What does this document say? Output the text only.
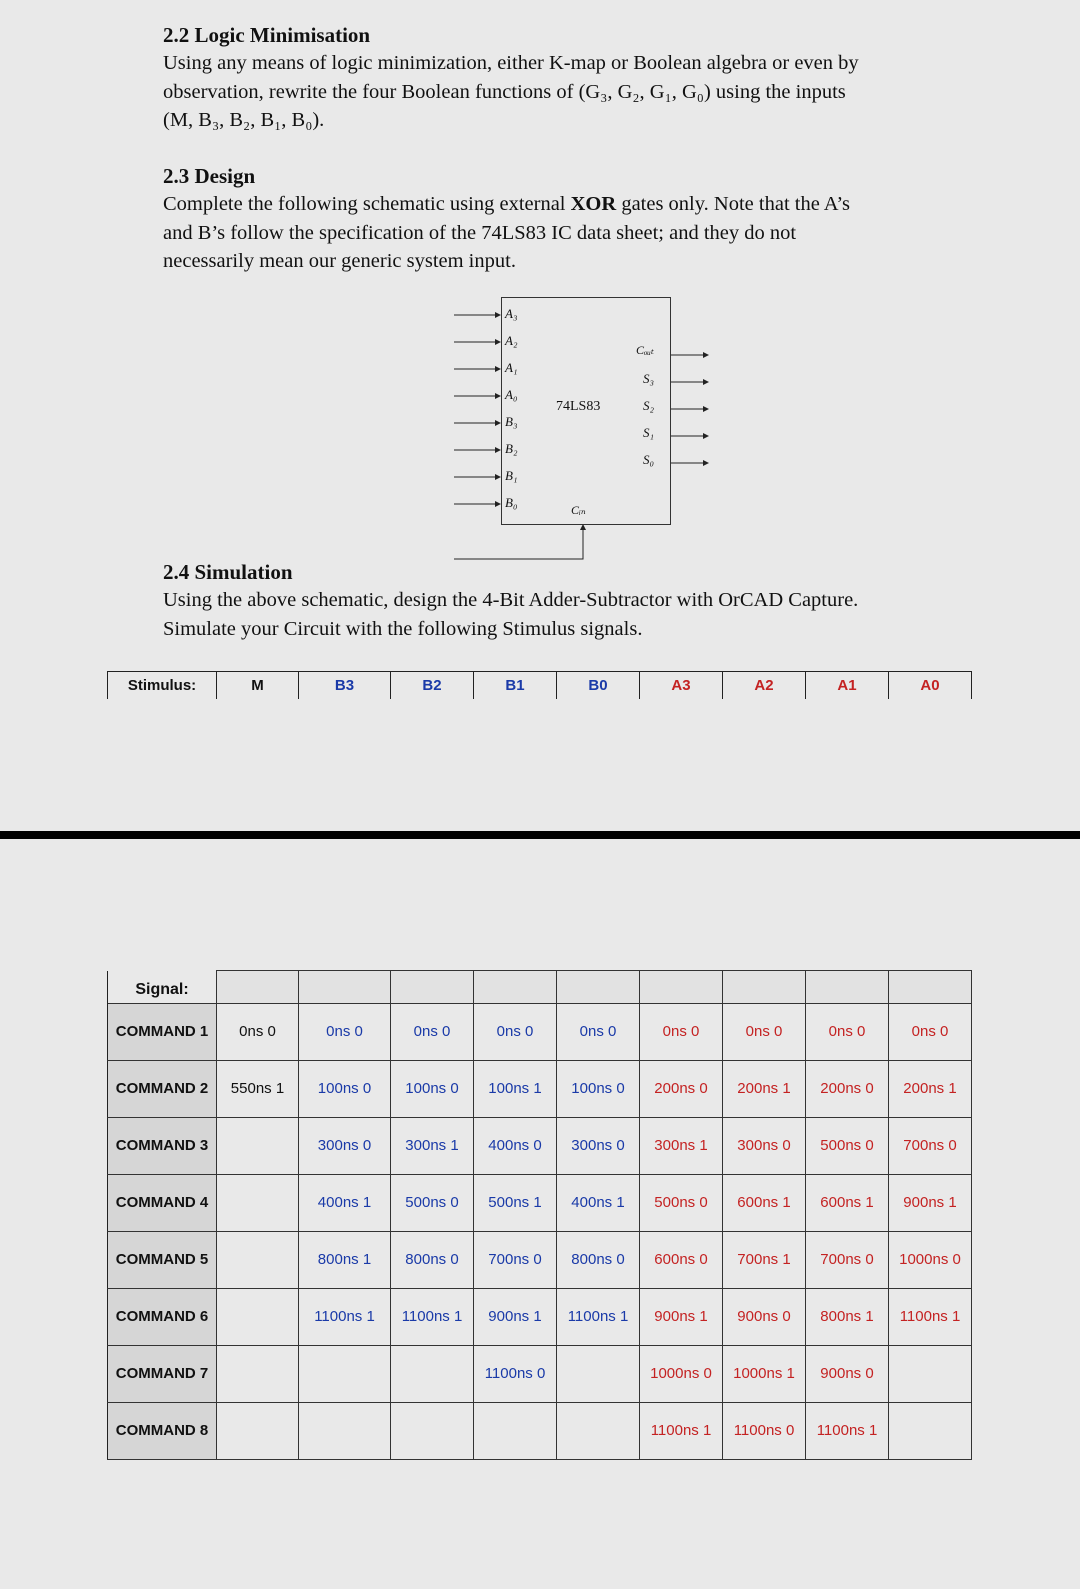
2.2 Logic Minimisation
Using any means of logic minimization, either K-map or Boolean algebra or even by
observation, rewrite the four Boolean functions of (G₃, G₂, G₁, G₀) using the inputs
(M, B₃, B₂, B₁, B₀).
2.3 Design
Complete the following schematic using external XOR gates only. Note that the A’s
and B’s follow the specification of the 74LS83 IC data sheet; and they do not
necessarily mean our generic system input.
74LS83
A₃
A₂
A₁
A₀
B₃
B₂
B₁
B₀
Cₒᵤₜ
S₃
S₂
S₁
S₀
Cᵢₙ
2.4 Simulation
Using the above schematic, design the 4-Bit Adder-Subtractor with OrCAD Capture.
Simulate your Circuit with the following Stimulus signals.
Stimulus:	M	B3	B2	B1	B0	A3	A2	A1	A0
Signal:									
COMMAND 1	0ns 0	0ns 0	0ns 0	0ns 0	0ns 0	0ns 0	0ns 0	0ns 0	0ns 0
COMMAND 2	550ns 1	100ns 0	100ns 0	100ns 1	100ns 0	200ns 0	200ns 1	200ns 0	200ns 1
COMMAND 3		300ns 0	300ns 1	400ns 0	300ns 0	300ns 1	300ns 0	500ns 0	700ns 0
COMMAND 4		400ns 1	500ns 0	500ns 1	400ns 1	500ns 0	600ns 1	600ns 1	900ns 1
COMMAND 5		800ns 1	800ns 0	700ns 0	800ns 0	600ns 0	700ns 1	700ns 0	1000ns 0
COMMAND 6		1100ns 1	1100ns 1	900ns 1	1100ns 1	900ns 1	900ns 0	800ns 1	1100ns 1
COMMAND 7				1100ns 0		1000ns 0	1000ns 1	900ns 0	
COMMAND 8						1100ns 1	1100ns 0	1100ns 1	
